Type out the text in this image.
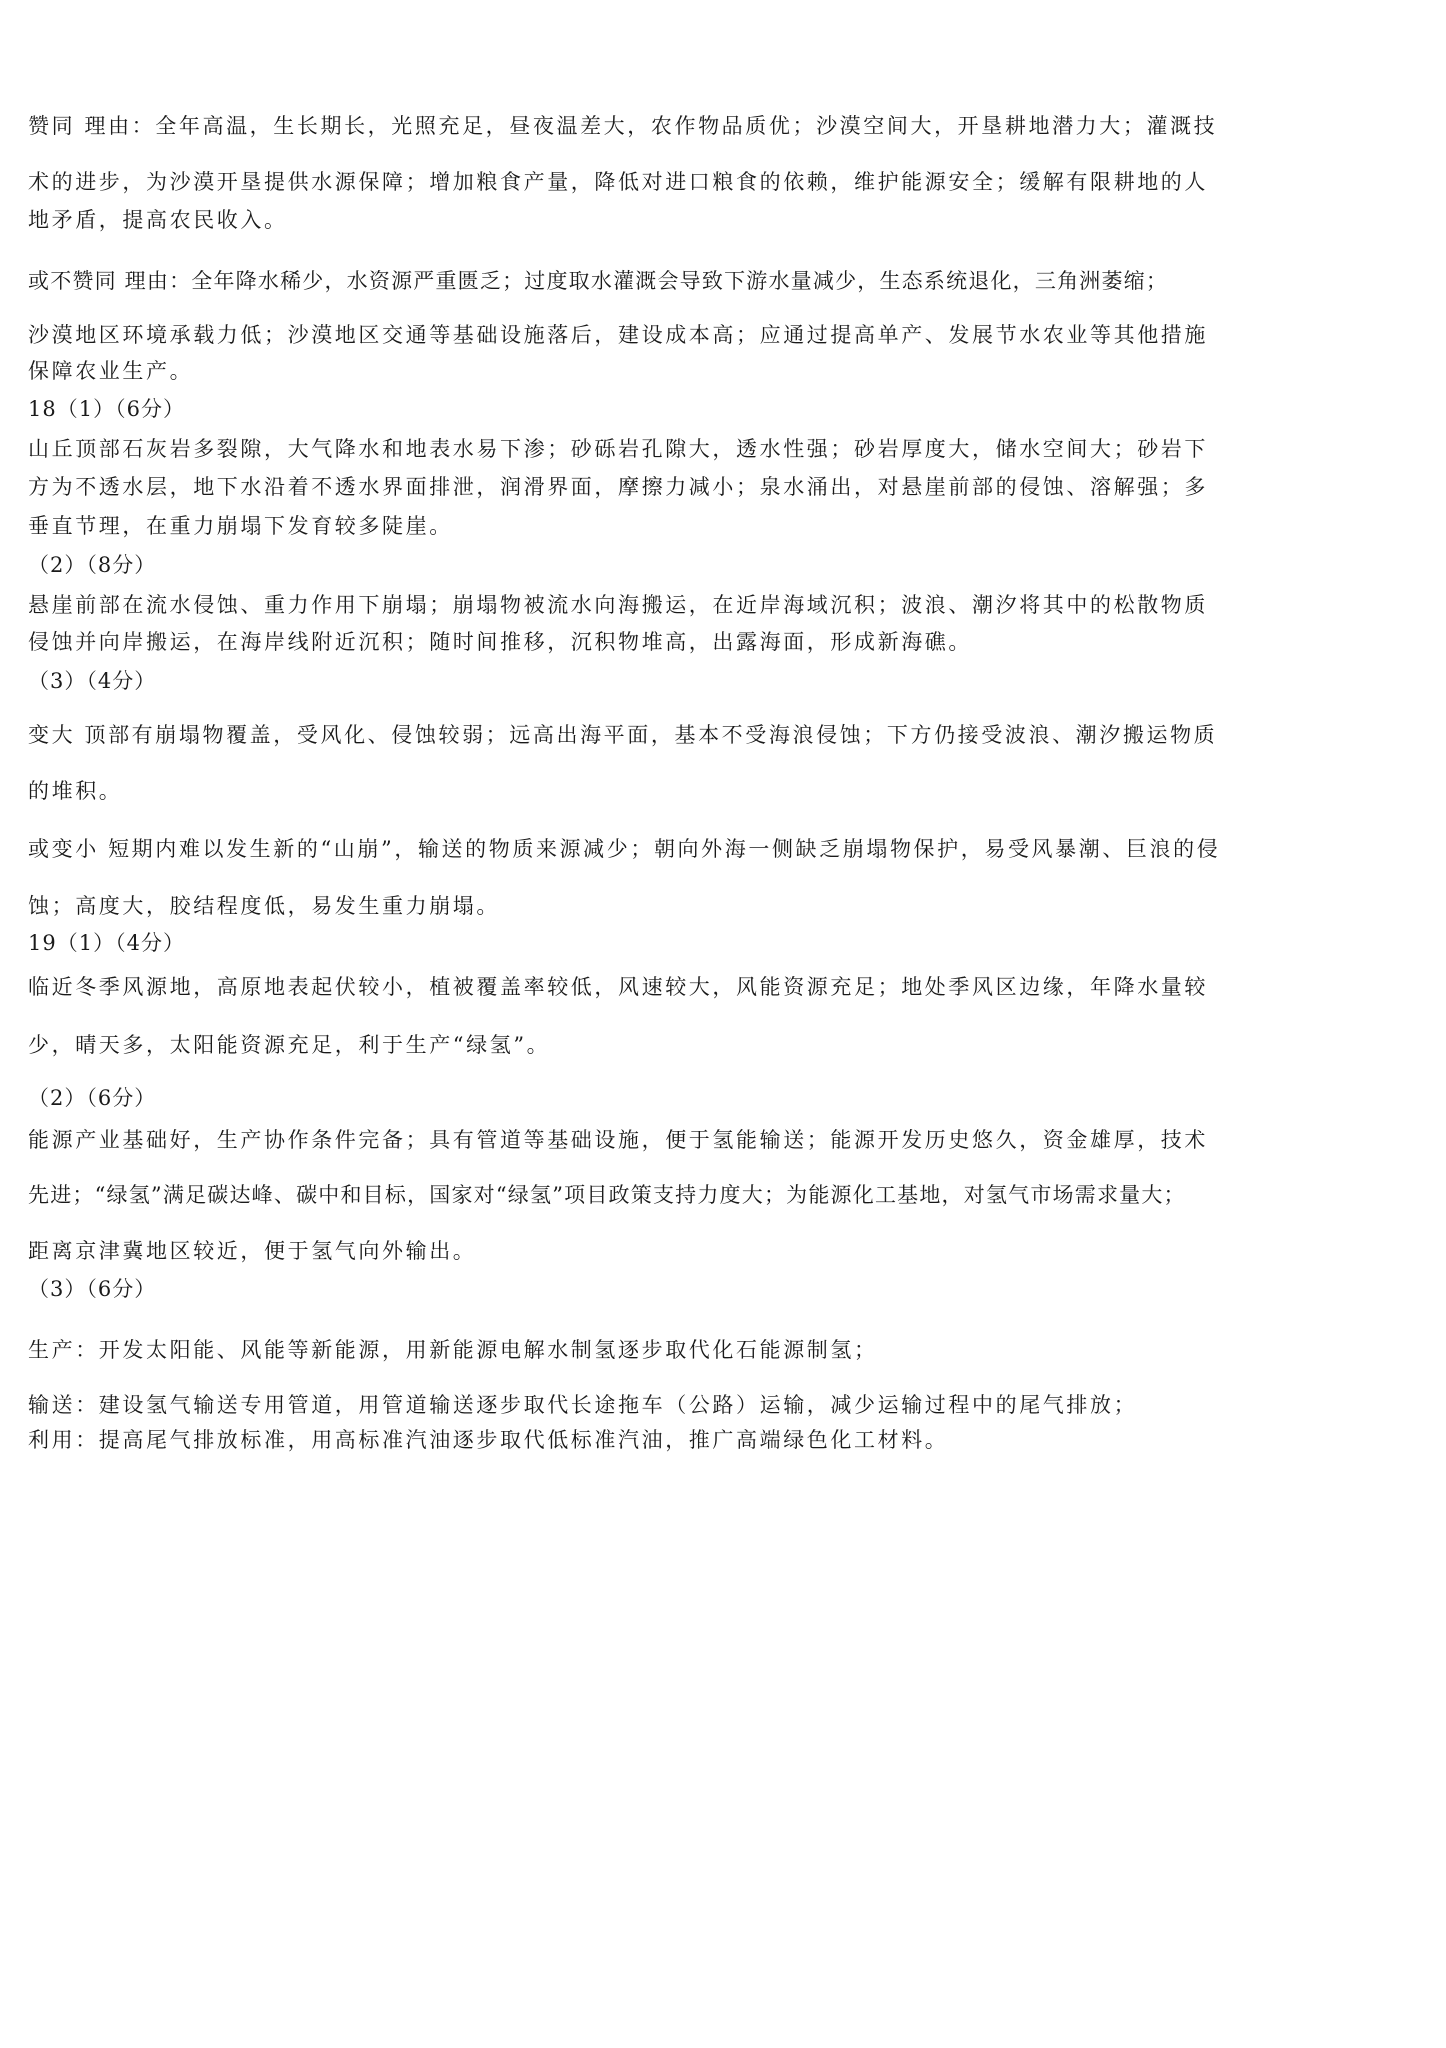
赞同 理由：全年高温，生长期长，光照充足，昼夜温差大，农作物品质优；沙漠空间大，开垦耕地潜力大；灌溉技
术的进步，为沙漠开垦提供水源保障；增加粮食产量，降低对进口粮食的依赖，维护能源安全；缓解有限耕地的人
地矛盾，提高农民收入。
或不赞同 理由：全年降水稀少，水资源严重匮乏；过度取水灌溉会导致下游水量减少，生态系统退化，三角洲萎缩；
沙漠地区环境承载力低；沙漠地区交通等基础设施落后，建设成本高；应通过提高单产、发展节水农业等其他措施
保障农业生产。
18（1）（6分）
山丘顶部石灰岩多裂隙，大气降水和地表水易下渗；砂砾岩孔隙大，透水性强；砂岩厚度大，储水空间大；砂岩下
方为不透水层，地下水沿着不透水界面排泄，润滑界面，摩擦力减小；泉水涌出，对悬崖前部的侵蚀、溶解强；多
垂直节理，在重力崩塌下发育较多陡崖。
（2）（8分）
悬崖前部在流水侵蚀、重力作用下崩塌；崩塌物被流水向海搬运，在近岸海域沉积；波浪、潮汐将其中的松散物质
侵蚀并向岸搬运，在海岸线附近沉积；随时间推移，沉积物堆高，出露海面，形成新海礁。
（3）（4分）
变大 顶部有崩塌物覆盖，受风化、侵蚀较弱；远高出海平面，基本不受海浪侵蚀；下方仍接受波浪、潮汐搬运物质
的堆积。
或变小 短期内难以发生新的“山崩”，输送的物质来源减少；朝向外海一侧缺乏崩塌物保护，易受风暴潮、巨浪的侵
蚀；高度大，胶结程度低，易发生重力崩塌。
19（1）（4分）
临近冬季风源地，高原地表起伏较小，植被覆盖率较低，风速较大，风能资源充足；地处季风区边缘，年降水量较
少，晴天多，太阳能资源充足，利于生产“绿氢”。
（2）（6分）
能源产业基础好，生产协作条件完备；具有管道等基础设施，便于氢能输送；能源开发历史悠久，资金雄厚，技术
先进；“绿氢”满足碳达峰、碳中和目标，国家对“绿氢”项目政策支持力度大；为能源化工基地，对氢气市场需求量大；
距离京津冀地区较近，便于氢气向外输出。
（3）（6分）
生产：开发太阳能、风能等新能源，用新能源电解水制氢逐步取代化石能源制氢；
输送：建设氢气输送专用管道，用管道输送逐步取代长途拖车（公路）运输，减少运输过程中的尾气排放；
利用：提高尾气排放标准，用高标准汽油逐步取代低标准汽油，推广高端绿色化工材料。
